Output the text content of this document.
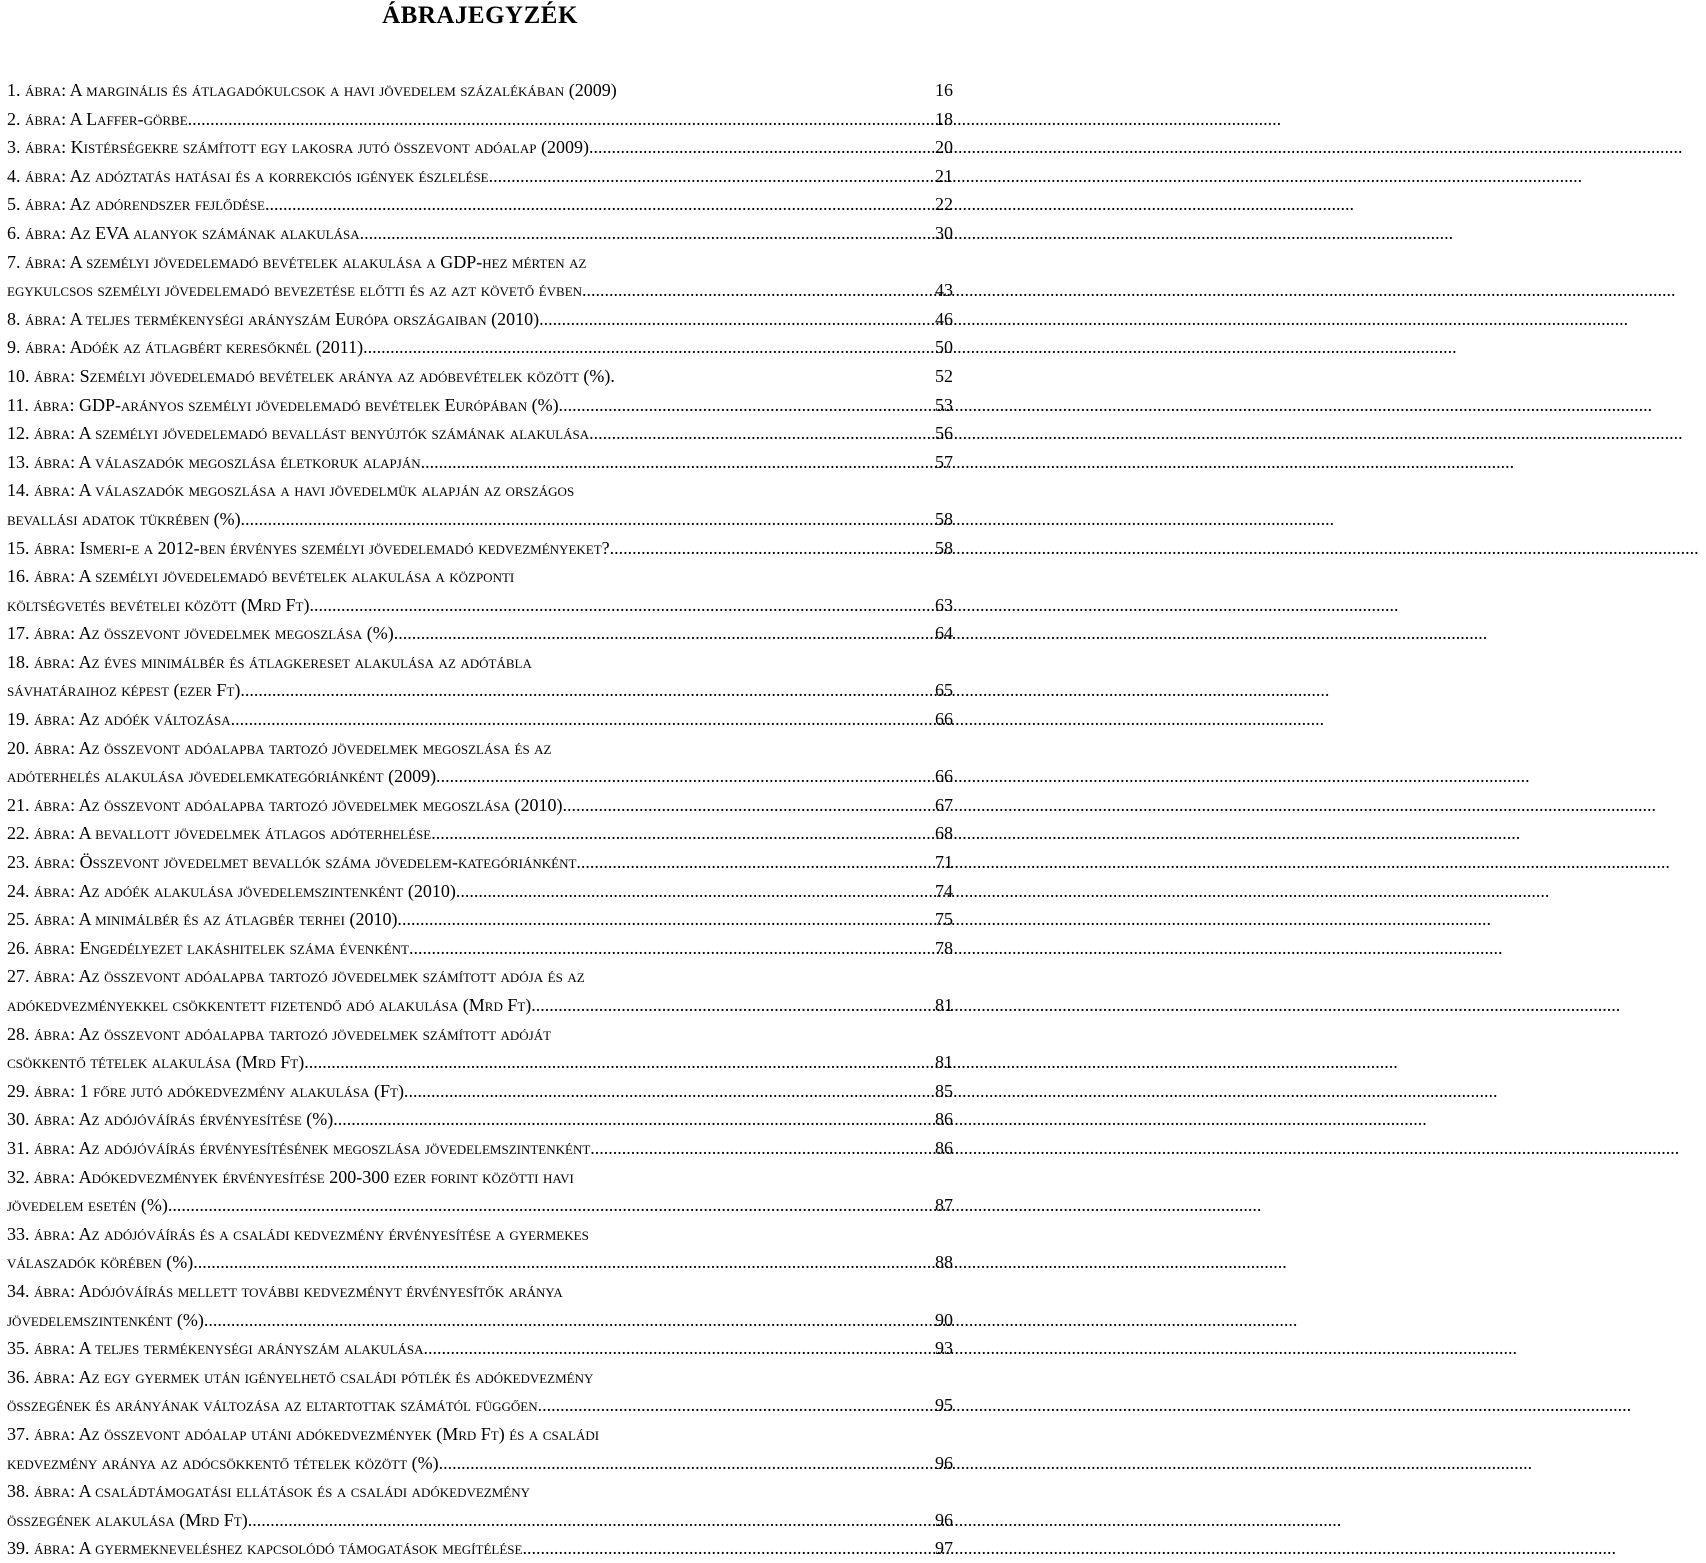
ÁBRAJEGYZÉK
1. ábra: A marginális és átlagadókulcsok a havi jövedelem százalékában (2009)	16
2. ábra: A Laffer-görbe. .....	18
3. ábra: Kistérségekre számított egy lakosra jutó összevont adóalap (2009). .....	20
4. ábra: Az adóztatás hatásai és a korrekciós igények észlelése. .....	21
5. ábra: Az adórendszer fejlődése .....	22
6. ábra: Az EVA alanyok számának alakulása. .....	30
7. ábra: A személyi jövedelemadó bevételek alakulása a GDP-hez mérten az
egykulcsos személyi jövedelemadó bevezetése előtti és az azt követő évben. .....	43
8. ábra: A teljes termékenységi arányszám Európa országaiban (2010) .....	46
9. ábra: Adóék az átlagbért keresőknél (2011). .....	50
10. ábra: Személyi jövedelemadó bevételek aránya az adóbevételek között (%).	52
11. ábra: GDP-arányos személyi jövedelemadó bevételek Európában (%). .....	53
12. ábra: A személyi jövedelemadó bevallást benyújtók számának alakulása. .....	56
13. ábra: A válaszadók megoszlása életkoruk alapján. .....	57
14. ábra: A válaszadók megoszlása a havi jövedelmük alapján az országos
bevallási adatok tükrében (%). .....	58
15. ábra: Ismeri-e a 2012-ben érvényes személyi jövedelemadó kedvezményeket? .....	58
16. ábra: A személyi jövedelemadó bevételek alakulása a központi
költségvetés bevételei között (Mrd Ft) .....	63
17. ábra: Az összevont jövedelmek megoszlása (%). .....	64
18. ábra: Az éves minimálbér és átlagkereset alakulása az adótábla
sávhatáraihoz képest (ezer Ft) .....	65
19. ábra: Az adóék változása. .....	66
20. ábra: Az összevont adóalapba tartozó jövedelmek megoszlása és az
adóterhelés alakulása jövedelemkategóriánként (2009). .....	66
21. ábra: Az összevont adóalapba tartozó jövedelmek megoszlása (2010). .....	67
22. ábra: A bevallott jövedelmek átlagos adóterhelése .....	68
23. ábra: Összevont jövedelmet bevallók száma jövedelem-kategóriánként. .....	71
24. ábra: Az adóék alakulása jövedelemszintenként (2010). .....	74
25. ábra: A minimálbér és az átlagbér terhei (2010). .....	75
26. ábra: Engedélyezet lakáshitelek száma évenként. .....	78
27. ábra: Az összevont adóalapba tartozó jövedelmek számított adója és az
adókedvezményekkel csökkentett fizetendő adó alakulása (Mrd Ft) .....	81
28. ábra: Az összevont adóalapba tartozó jövedelmek számított adóját
csökkentő tételek alakulása (Mrd Ft). .....	81
29. ábra: 1 főre jutó adókedvezmény alakulása (Ft). .....	85
30. ábra: Az adójóváírás érvényesítése (%). .....	86
31. ábra: Az adójóváírás érvényesítésének megoszlása jövedelemszintenként .....	86
32. ábra: Adókedvezmények érvényesítése 200-300 ezer forint közötti havi
jövedelem esetén (%). .....	87
33. ábra: Az adójóváírás és a családi kedvezmény érvényesítése a gyermekes
válaszadók körében (%). .....	88
34. ábra: Adójóváírás mellett további kedvezményt érvényesítők aránya
jövedelemszintenként (%). .....	90
35. ábra: A teljes termékenységi arányszám alakulása. .....	93
36. ábra: Az egy gyermek után igényelhető családi pótlék és adókedvezmény
összegének és arányának változása az eltartottak számától függően. .....	95
37. ábra: Az összevont adóalap utáni adókedvezmények (Mrd Ft) és a családi
kedvezmény aránya az adócsökkentő tételek között (%). .....	96
38. ábra: A családtámogatási ellátások és a családi adókedvezmény
összegének alakulása (Mrd Ft). .....	96
39. ábra: A gyermekneveléshez kapcsolódó támogatások megítélése. .....	97
